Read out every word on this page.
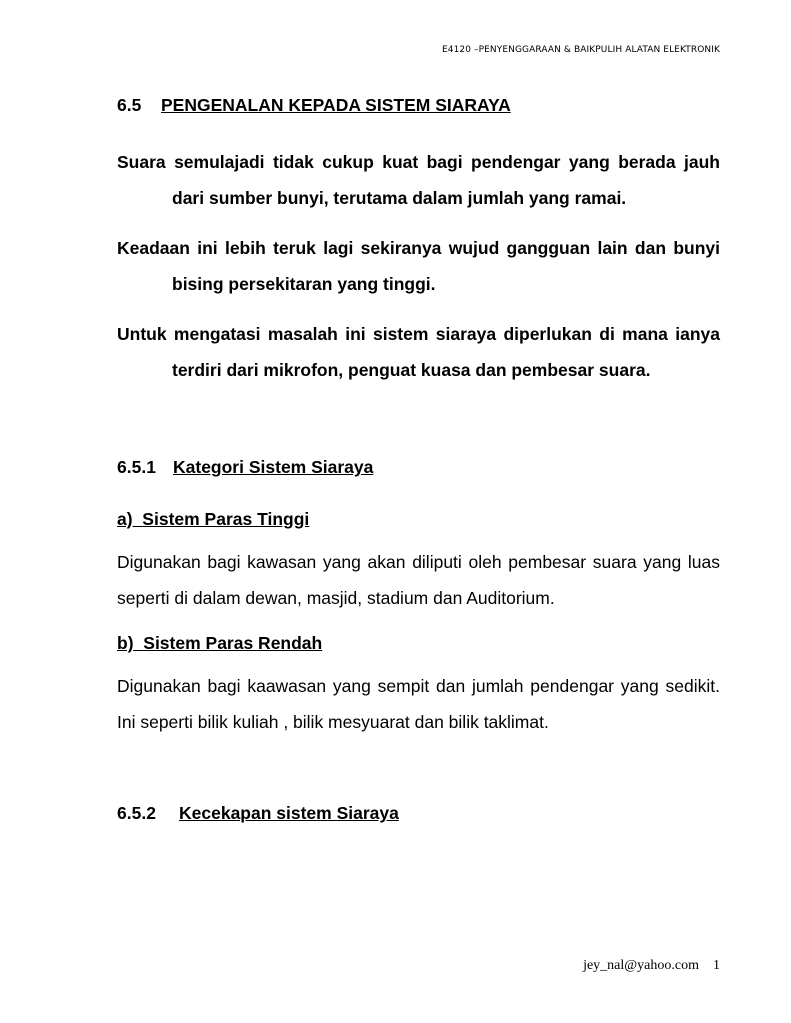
E4120 –PENYENGGARAAN & BAIKPULIH ALATAN ELEKTRONIK
6.5 PENGENALAN KEPADA SISTEM SIARAYA

Suara semulajadi tidak cukup kuat bagi pendengar yang berada jauh dari sumber bunyi, terutama dalam jumlah yang ramai.

Keadaan ini lebih teruk lagi sekiranya wujud gangguan lain dan bunyi bising persekitaran yang tinggi.

Untuk mengatasi masalah ini sistem siaraya diperlukan di mana ianya terdiri dari mikrofon, penguat kuasa dan pembesar suara.

6.5.1 Kategori Sistem Siaraya
a) Sistem Paras Tinggi

Digunakan bagi kawasan yang akan diliputi oleh pembesar suara yang luas seperti di dalam dewan, masjid, stadium dan Auditorium.

b) Sistem Paras Rendah

Digunakan bagi kaawasan yang sempit dan jumlah pendengar yang sedikit. Ini seperti bilik kuliah , bilik mesyuarat dan bilik taklimat.

6.5.2 Kecekapan sistem Siaraya
jey_nal@yahoo.com 1
